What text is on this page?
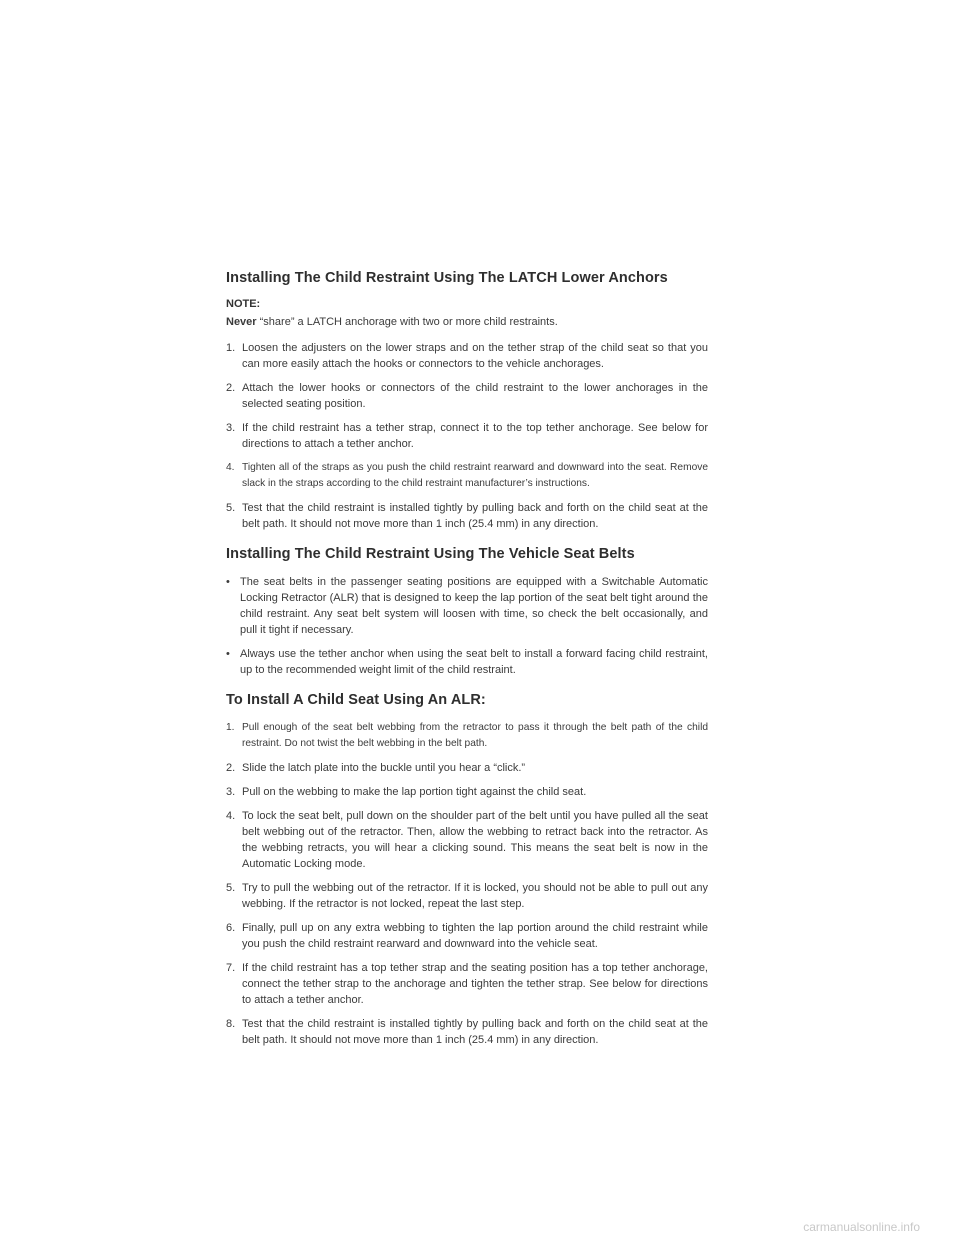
Installing The Child Restraint Using The LATCH Lower Anchors
NOTE:
Never “share” a LATCH anchorage with two or more child restraints.
1. Loosen the adjusters on the lower straps and on the tether strap of the child seat so that you can more easily attach the hooks or connectors to the vehicle anchorages.
2. Attach the lower hooks or connectors of the child restraint to the lower anchorages in the selected seating position.
3. If the child restraint has a tether strap, connect it to the top tether anchorage. See below for directions to attach a tether anchor.
4. Tighten all of the straps as you push the child restraint rearward and downward into the seat. Remove slack in the straps according to the child restraint manufacturer’s instructions.
5. Test that the child restraint is installed tightly by pulling back and forth on the child seat at the belt path. It should not move more than 1 inch (25.4 mm) in any direction.
Installing The Child Restraint Using The Vehicle Seat Belts
• The seat belts in the passenger seating positions are equipped with a Switchable Automatic Locking Retractor (ALR) that is designed to keep the lap portion of the seat belt tight around the child restraint. Any seat belt system will loosen with time, so check the belt occasionally, and pull it tight if necessary.
• Always use the tether anchor when using the seat belt to install a forward facing child restraint, up to the recommended weight limit of the child restraint.
To Install A Child Seat Using An ALR:
1. Pull enough of the seat belt webbing from the retractor to pass it through the belt path of the child restraint. Do not twist the belt webbing in the belt path.
2. Slide the latch plate into the buckle until you hear a “click.”
3. Pull on the webbing to make the lap portion tight against the child seat.
4. To lock the seat belt, pull down on the shoulder part of the belt until you have pulled all the seat belt webbing out of the retractor. Then, allow the webbing to retract back into the retractor. As the webbing retracts, you will hear a clicking sound. This means the seat belt is now in the Automatic Locking mode.
5. Try to pull the webbing out of the retractor. If it is locked, you should not be able to pull out any webbing. If the retractor is not locked, repeat the last step.
6. Finally, pull up on any extra webbing to tighten the lap portion around the child restraint while you push the child restraint rearward and downward into the vehicle seat.
7. If the child restraint has a top tether strap and the seating position has a top tether anchorage, connect the tether strap to the anchorage and tighten the tether strap. See below for directions to attach a tether anchor.
8. Test that the child restraint is installed tightly by pulling back and forth on the child seat at the belt path. It should not move more than 1 inch (25.4 mm) in any direction.
carmanualsonline.info
